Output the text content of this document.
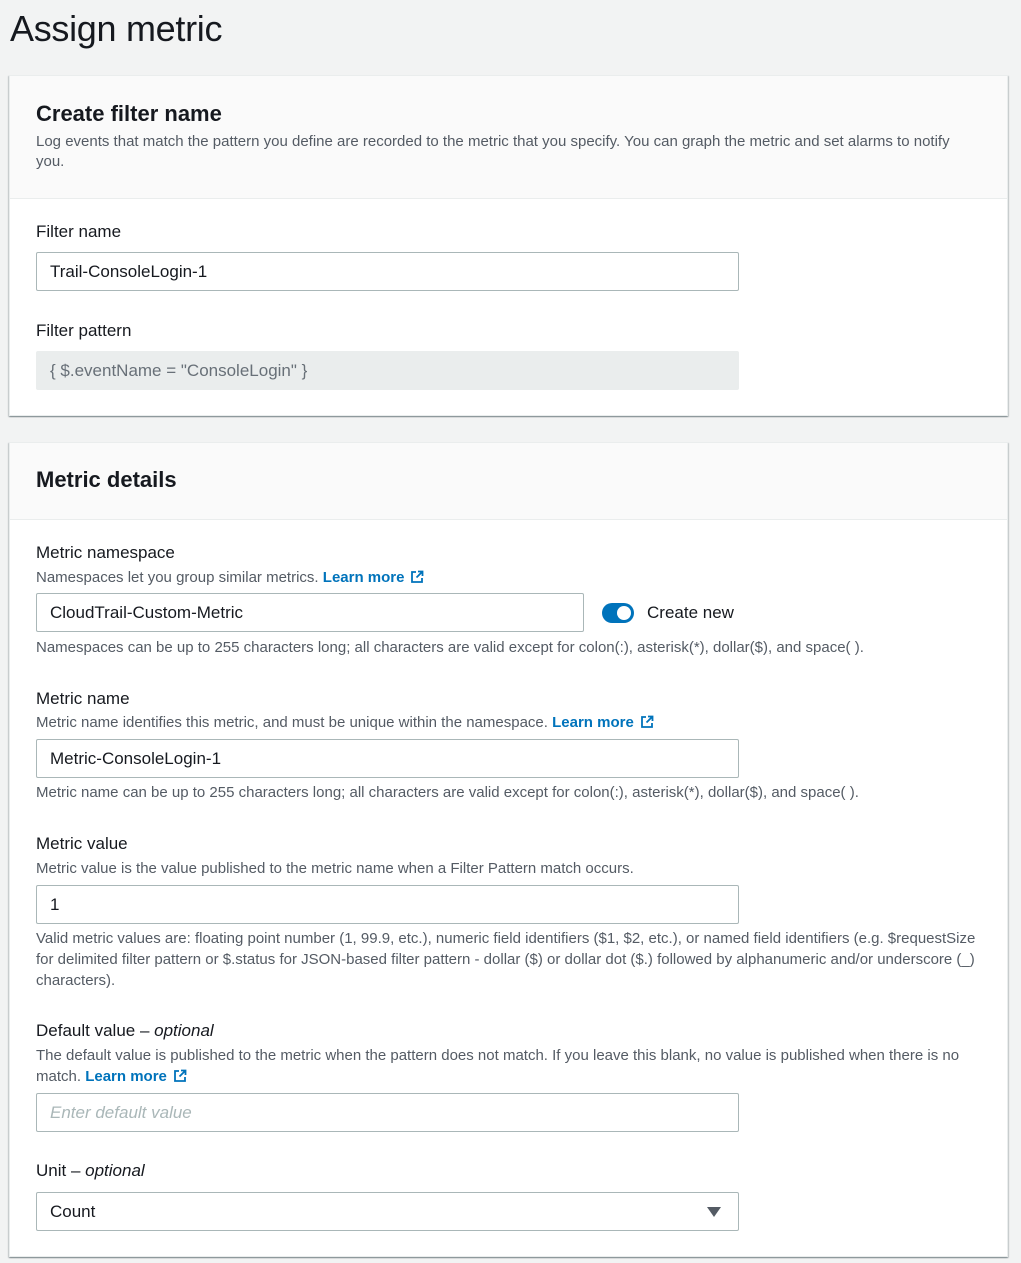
Assign metric
Create filter name
Log events that match the pattern you define are recorded to the metric that you specify. You can graph the metric and set alarms to notify you.
Filter name
Trail-ConsoleLogin-1
Filter pattern
{ $.eventName = "ConsoleLogin" }
Metric details
Metric namespace
Namespaces let you group similar metrics. Learn more
CloudTrail-Custom-Metric	Create new
Namespaces can be up to 255 characters long; all characters are valid except for colon(:), asterisk(*), dollar($), and space( ).
Metric name
Metric name identifies this metric, and must be unique within the namespace. Learn more
Metric-ConsoleLogin-1
Metric name can be up to 255 characters long; all characters are valid except for colon(:), asterisk(*), dollar($), and space( ).
Metric value
Metric value is the value published to the metric name when a Filter Pattern match occurs.
1
Valid metric values are: floating point number (1, 99.9, etc.), numeric field identifiers ($1, $2, etc.), or named field identifiers (e.g. $requestSize for delimited filter pattern or $.status for JSON-based filter pattern - dollar ($) or dollar dot ($.) followed by alphanumeric and/or underscore (_) characters).
Default value – optional
The default value is published to the metric when the pattern does not match. If you leave this blank, no value is published when there is no match. Learn more
Enter default value
Unit – optional
Count
